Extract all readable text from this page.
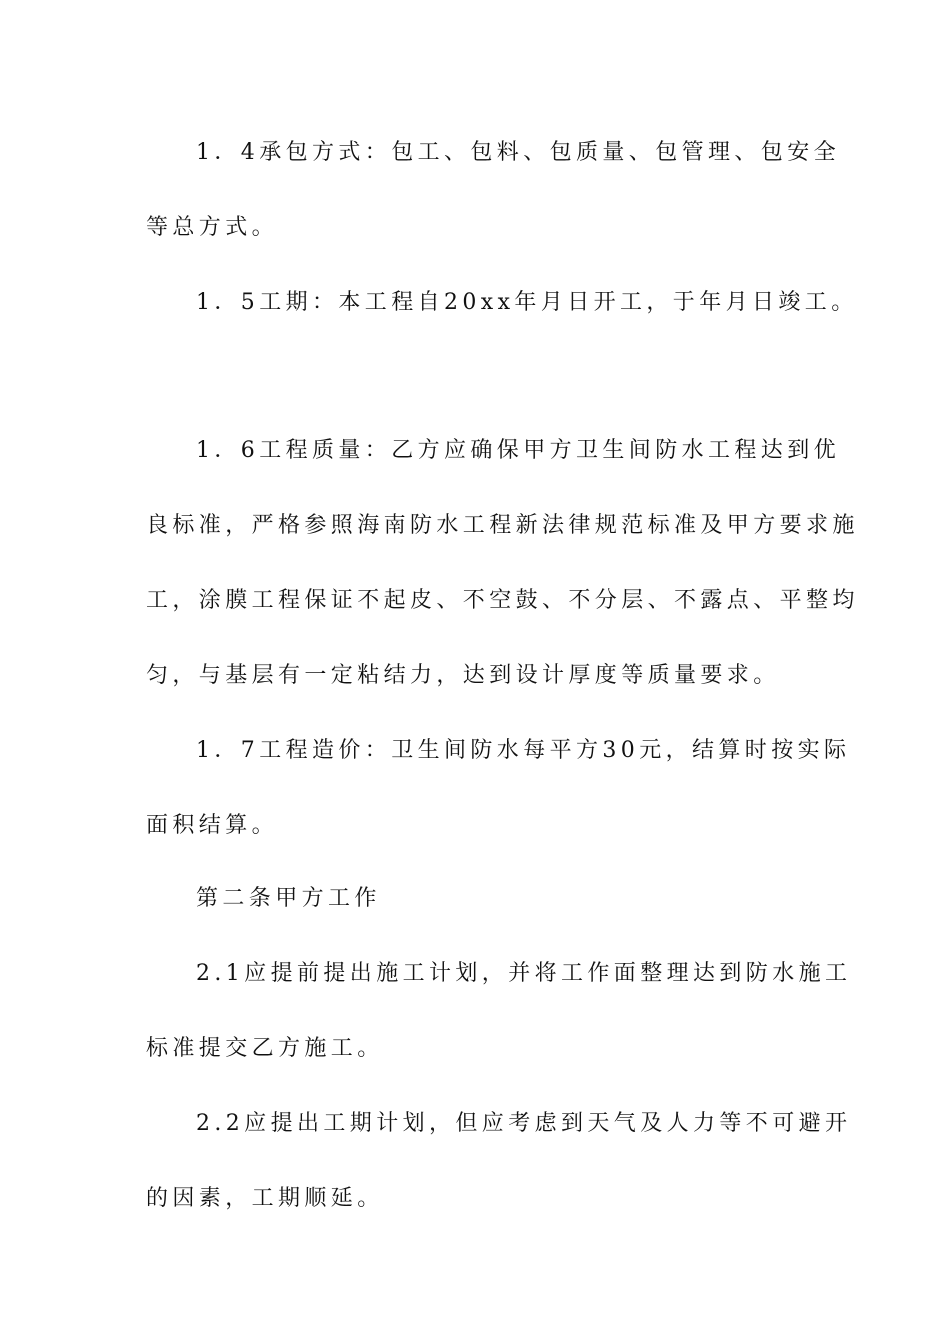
1．4承包方式：包工、包料、包质量、包管理、包安全
等总方式。
1．5工期：本工程自20xx年月日开工，于年月日竣工。
1．6工程质量：乙方应确保甲方卫生间防水工程达到优
良标准，严格参照海南防水工程新法律规范标准及甲方要求施
工，涂膜工程保证不起皮、不空鼓、不分层、不露点、平整均
匀，与基层有一定粘结力，达到设计厚度等质量要求。
1．7工程造价：卫生间防水每平方30元，结算时按实际
面积结算。
第二条甲方工作
2.1应提前提出施工计划，并将工作面整理达到防水施工
标准提交乙方施工。
2.2应提出工期计划，但应考虑到天气及人力等不可避开
的因素，工期顺延。
